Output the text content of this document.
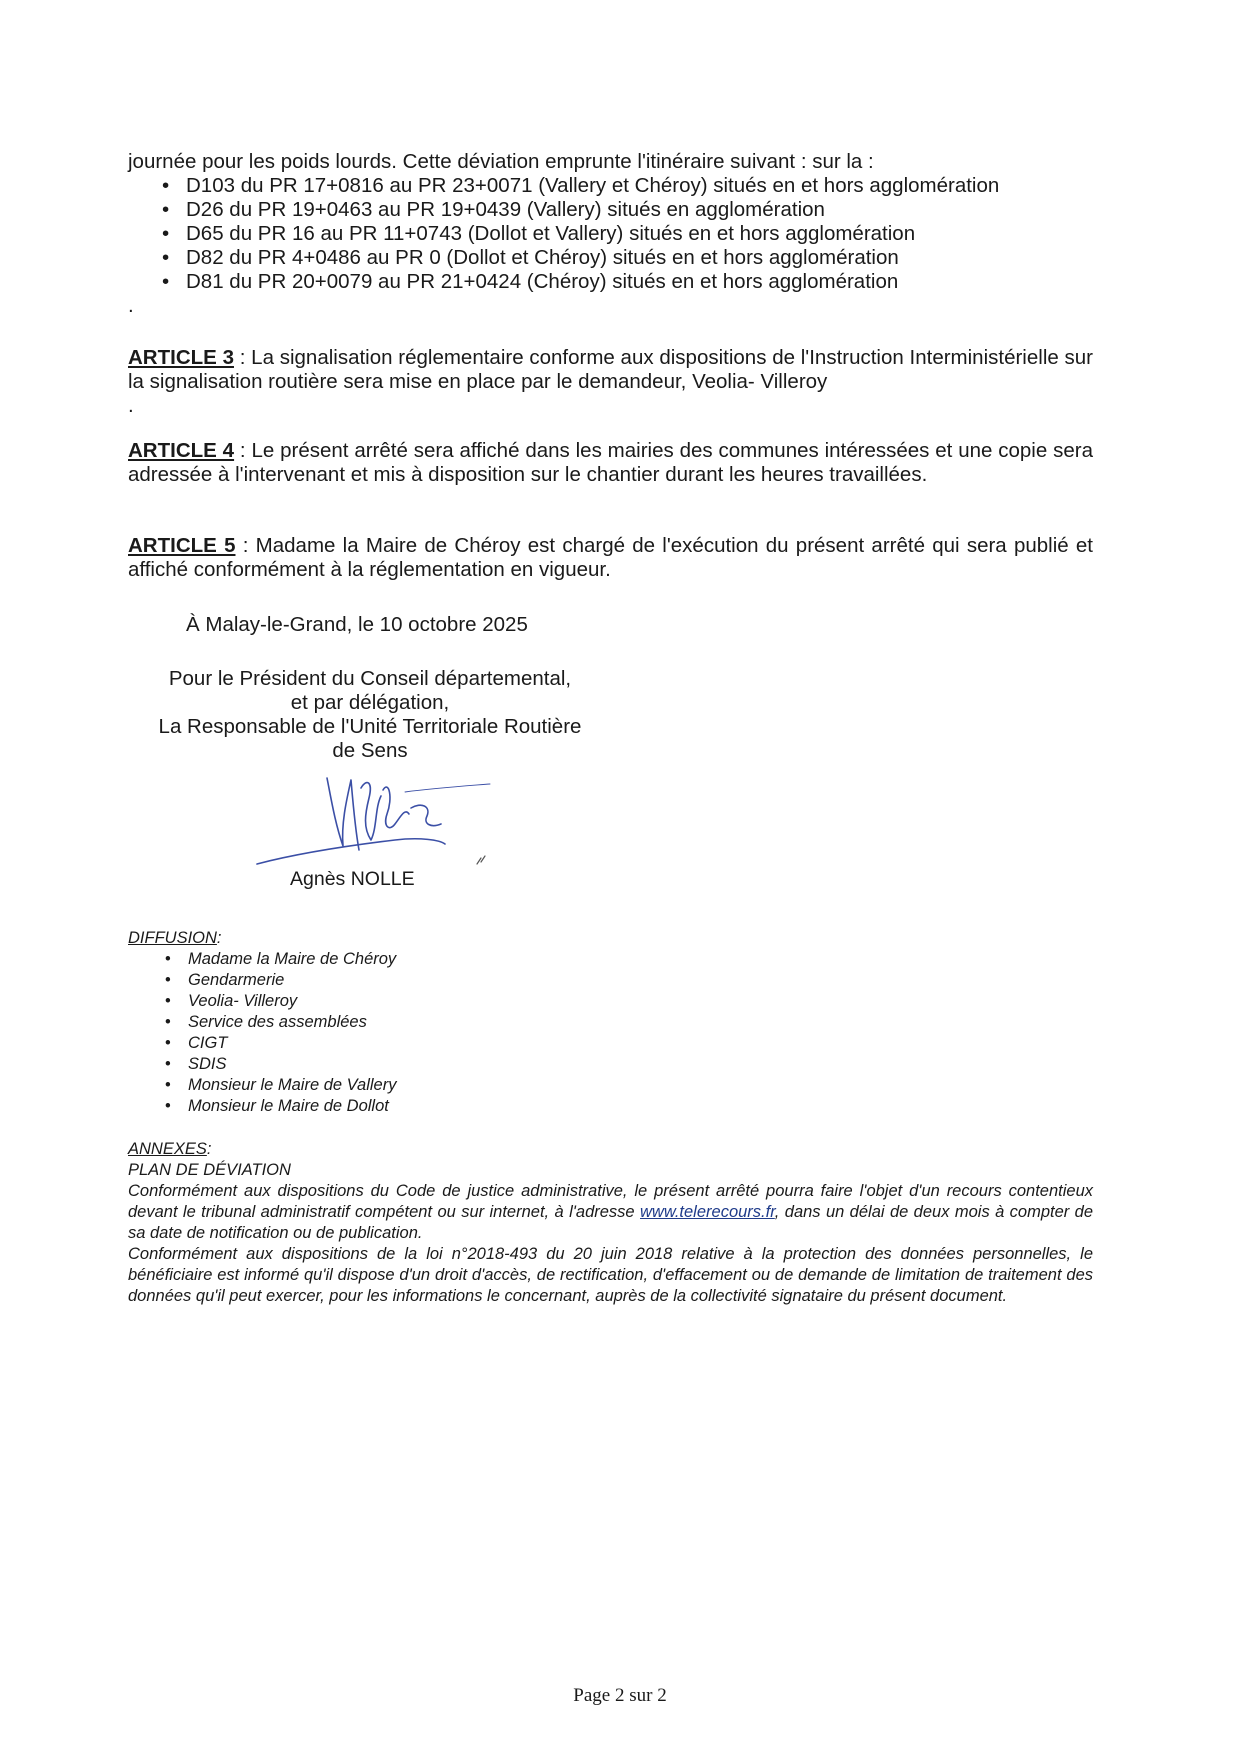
journée pour les poids lourds. Cette déviation emprunte l'itinéraire suivant : sur la :
• D103 du PR 17+0816 au PR 23+0071 (Vallery et Chéroy) situés en et hors agglomération
• D26 du PR 19+0463 au PR 19+0439 (Vallery) situés en agglomération
• D65 du PR 16 au PR 11+0743 (Dollot et Vallery) situés en et hors agglomération
• D82 du PR 4+0486 au PR 0 (Dollot et Chéroy) situés en et hors agglomération
• D81 du PR 20+0079 au PR 21+0424 (Chéroy) situés en et hors agglomération
.
ARTICLE 3 : La signalisation réglementaire conforme aux dispositions de l'Instruction Interministérielle sur la signalisation routière sera mise en place par le demandeur, Veolia- Villeroy
.
ARTICLE 4 : Le présent arrêté sera affiché dans les mairies des communes intéressées et une copie sera adressée à l'intervenant et mis à disposition sur le chantier durant les heures travaillées.
ARTICLE 5 : Madame la Maire de Chéroy est chargé de l'exécution du présent arrêté qui sera publié et affiché conformément à la réglementation en vigueur.
À Malay-le-Grand, le 10 octobre 2025
Pour le Président du Conseil départemental,
et par délégation,
La Responsable de l'Unité Territoriale Routière
de Sens
Agnès NOLLE
DIFFUSION:
• Madame la Maire de Chéroy
• Gendarmerie
• Veolia- Villeroy
• Service des assemblées
• CIGT
• SDIS
• Monsieur le Maire de Vallery
• Monsieur le Maire de Dollot
ANNEXES:
PLAN DE DÉVIATION
Conformément aux dispositions du Code de justice administrative, le présent arrêté pourra faire l'objet d'un recours contentieux devant le tribunal administratif compétent ou sur internet, à l'adresse www.telerecours.fr, dans un délai de deux mois à compter de sa date de notification ou de publication.
Conformément aux dispositions de la loi n°2018-493 du 20 juin 2018 relative à la protection des données personnelles, le bénéficiaire est informé qu'il dispose d'un droit d'accès, de rectification, d'effacement ou de demande de limitation de traitement des données qu'il peut exercer, pour les informations le concernant, auprès de la collectivité signataire du présent document.
Page 2 sur 2
